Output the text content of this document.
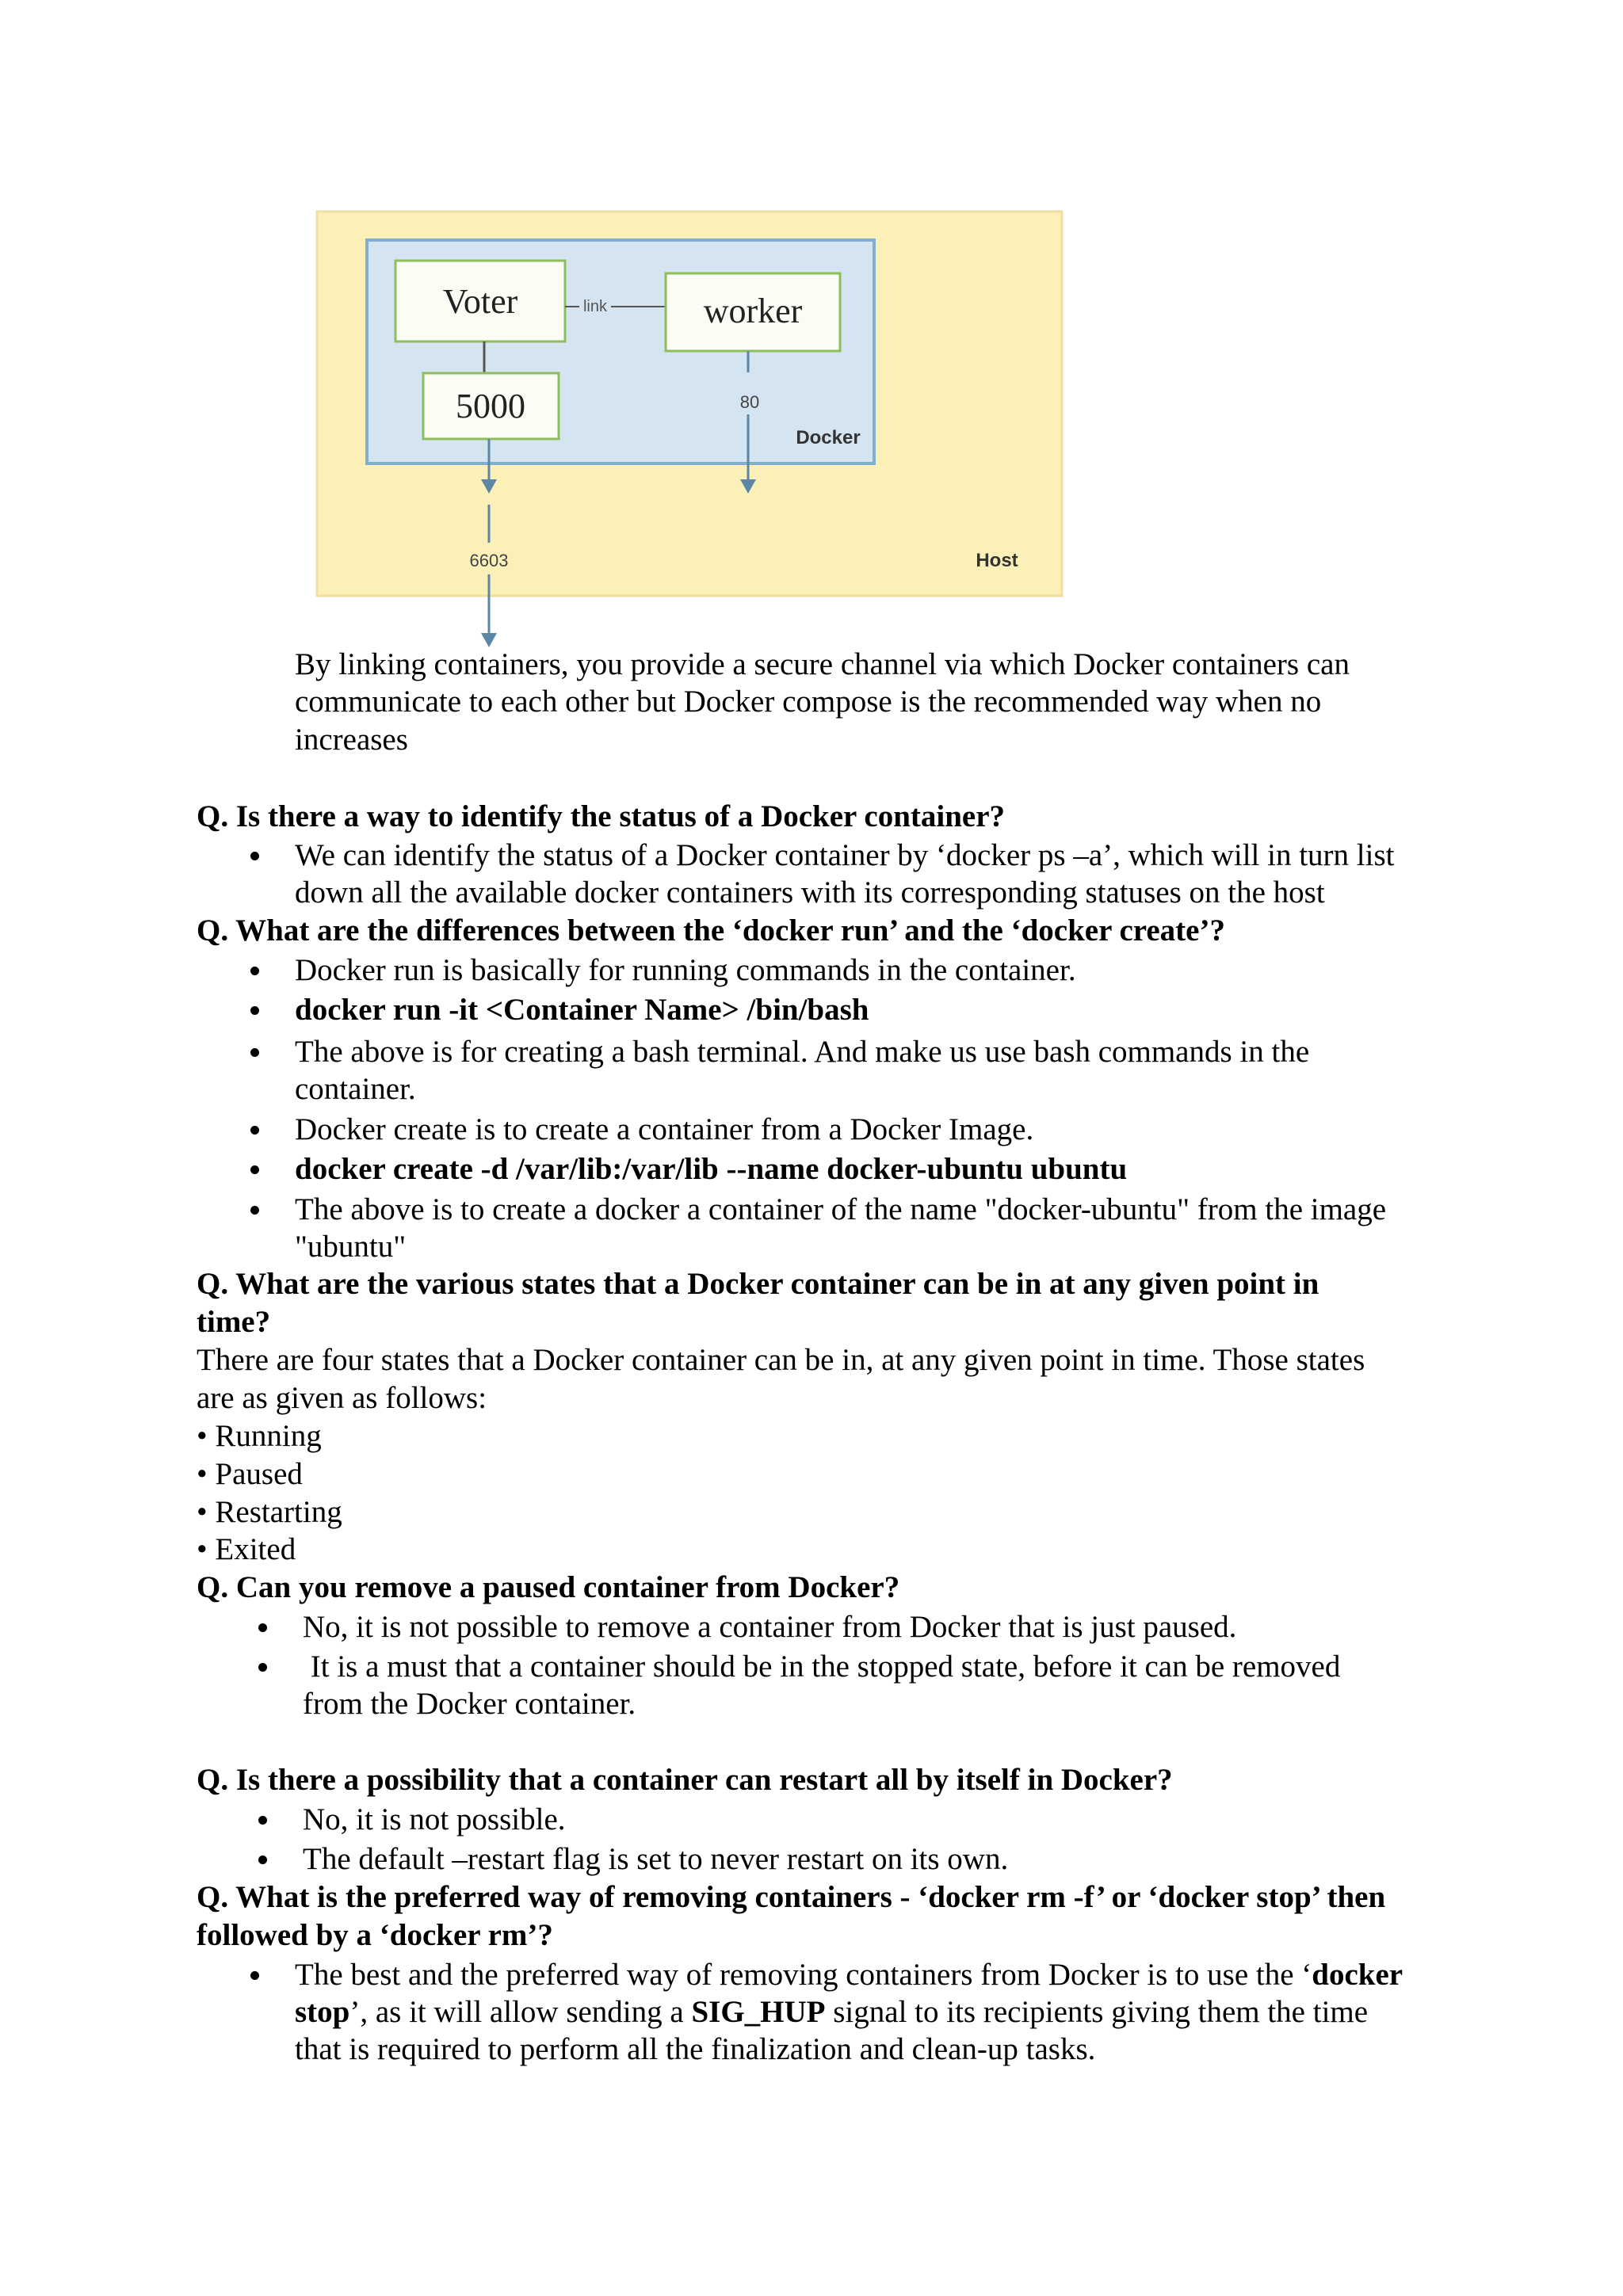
Voter	link	worker
5000	80
Docker
6603	Host

By linking containers, you provide a secure channel via which Docker containers can

communicate to each other but Docker compose is the recommended way when no

increases

Q. Is there a way to identify the status of a Docker container?

We can identify the status of a Docker container by ‘docker ps –a’, which will in turn list
down all the available docker containers with its corresponding statuses on the host

Q. What are the differences between the ‘docker run’ and the ‘docker create’?

Docker run is basically for running commands in the container.
docker run -it <Container Name> /bin/bash
The above is for creating a bash terminal. And make us use bash commands in the
container.
Docker create is to create a container from a Docker Image.
docker create -d /var/lib:/var/lib --name docker-ubuntu ubuntu
The above is to create a docker a container of the name "docker-ubuntu" from the image
"ubuntu"

Q. What are the various states that a Docker container can be in at any given point in

time?

There are four states that a Docker container can be in, at any given point in time. Those states

are as given as follows:

• Running

• Paused

• Restarting

• Exited

Q. Can you remove a paused container from Docker?

No, it is not possible to remove a container from Docker that is just paused.
It is a must that a container should be in the stopped state, before it can be removed
from the Docker container.

Q. Is there a possibility that a container can restart all by itself in Docker?

No, it is not possible.
The default –restart flag is set to never restart on its own.

Q. What is the preferred way of removing containers - ‘docker rm -f’ or ‘docker stop’ then

followed by a ‘docker rm’?

The best and the preferred way of removing containers from Docker is to use the ‘docker
stop’, as it will allow sending a SIG_HUP signal to its recipients giving them the time
that is required to perform all the finalization and clean-up tasks.
